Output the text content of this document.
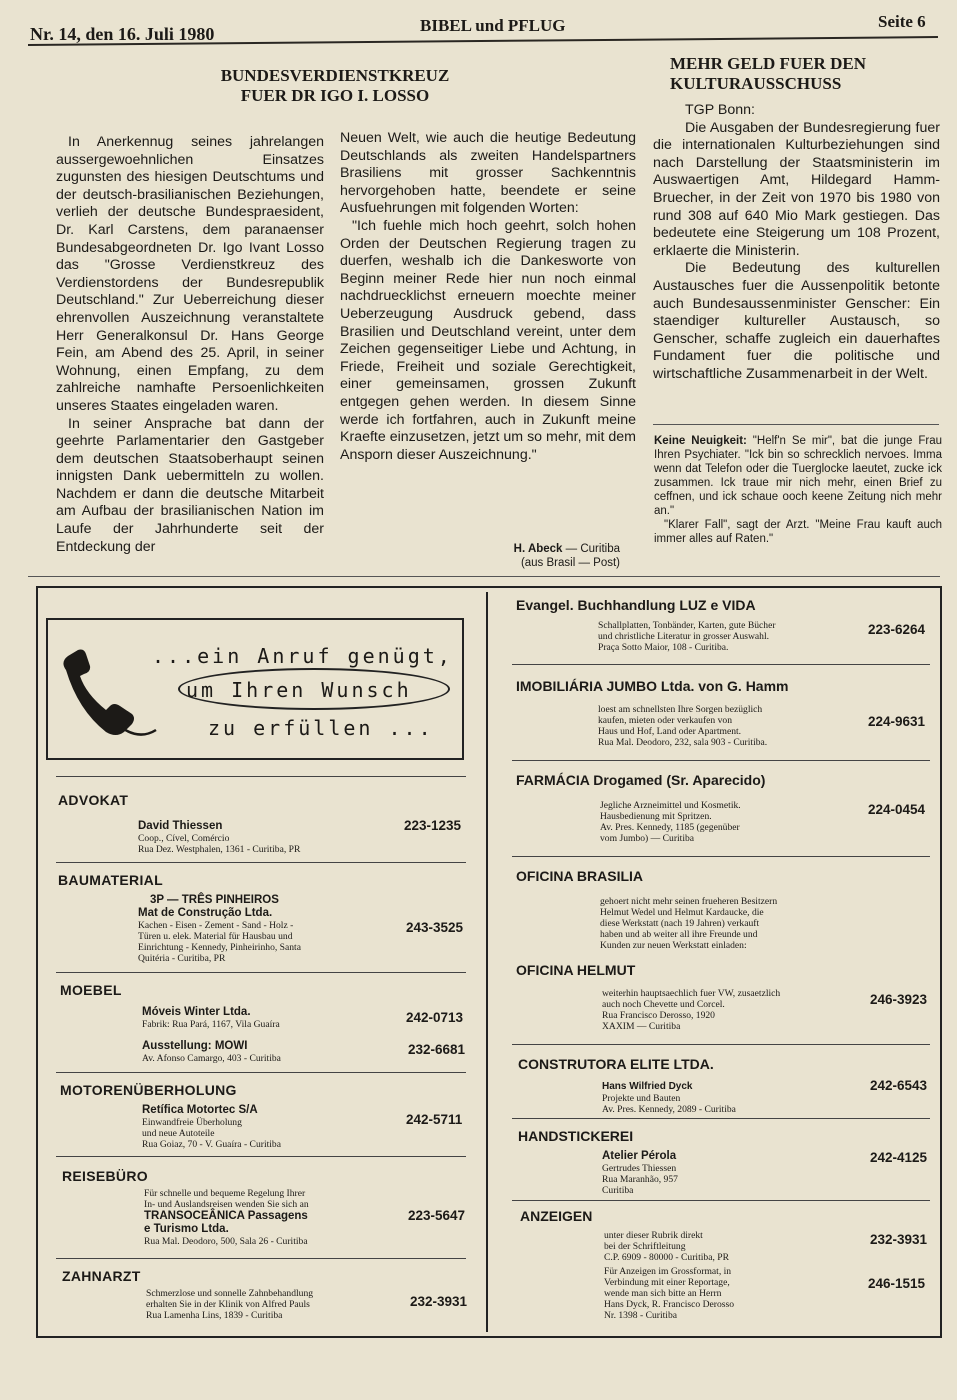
Nr. 14, den 16. Juli 1980	BIBEL und PFLUG	Seite 6
BUNDESVERDIENSTKREUZ
FUER DR IGO I. LOSSO

In Anerkennug seines jahrelangen aussergewoehnlichen Einsatzes zugunsten des hiesigen Deutschtums und der deutsch-brasilianischen Beziehungen, verlieh der deutsche Bundespraesident, Dr. Karl Carstens, dem paranaenser Bundesabgeordneten Dr. Igo Ivant Losso das "Grosse Verdienstkreuz des Verdienstordens der Bundesrepublik Deutschland." Zur Ueberreichung dieser ehrenvollen Auszeichnung veranstaltete Herr Generalkonsul Dr. Hans George Fein, am Abend des 25. April, in seiner Wohnung, einen Empfang, zu dem zahlreiche namhafte Persoenlichkeiten unseres Staates eingeladen waren.

In seiner Ansprache bat dann der geehrte Parlamentarier den Gastgeber dem deutschen Staatsoberhaupt seinen innigsten Dank uebermitteln zu wollen. Nachdem er dann die deutsche Mitarbeit am Aufbau der brasilianischen Nation im Laufe der Jahrhunderte seit der Entdeckung der

Neuen Welt, wie auch die heutige Bedeutung Deutschlands als zweiten Handelspartners Brasiliens mit grosser Sachkenntnis hervorgehoben hatte, beendete er seine Ausfuehrungen mit folgenden Worten:

"Ich fuehle mich hoch geehrt, solch hohen Orden der Deutschen Regierung tragen zu duerfen, weshalb ich die Dankesworte von Beginn meiner Rede hier nun noch einmal nachdruecklichst erneuern moechte meiner Ueberzeugung Ausdruck gebend, dass Brasilien und Deutschland vereint, unter dem Zeichen gegenseitiger Liebe und Achtung, in Friede, Freiheit und soziale Gerechtigkeit, einer gemeinsamen, grossen Zukunft entgegen gehen werden. In diesem Sinne werde ich fortfahren, auch in Zukunft meine Kraefte einzusetzen, jetzt um so mehr, mit dem Ansporn dieser Auszeichnung."

H. Abeck — Curitiba
(aus Brasil — Post)
MEHR GELD FUER DEN
KULTURAUSSCHUSS

TGP Bonn:

Die Ausgaben der Bundesregierung fuer die internationalen Kulturbeziehungen sind nach Darstellung der Staatsministerin im Auswaertigen Amt, Hildegard Hamm-Bruecher, in der Zeit von 1970 bis 1980 von rund 308 auf 640 Mio Mark gestiegen. Das bedeutete eine Steigerung um 108 Prozent, erklaerte die Ministerin.

Die Bedeutung des kulturellen Austausches fuer die Aussenpolitik betonte auch Bundesaussenminister Genscher: Ein staendiger kultureller Austausch, so Genscher, schaffe zugleich ein dauerhaftes Fundament fuer die politische und wirtschaftliche Zusammenarbeit in der Welt.

Keine Neuigkeit: "Helf'n Se mir", bat die junge Frau Ihren Psychiater. "Ick bin so schrecklich nervoes. Imma wenn dat Telefon oder die Tuerglocke laeutet, zucke ick zusammen. Ick traue mir nich mehr, einen Brief zu ceffnen, und ick schaue ooch keene Zeitung nich mehr an."

"Klarer Fall", sagt der Arzt. "Meine Frau kauft auch immer alles auf Raten."

...ein Anruf genügt,
um Ihren Wunsch
zu erfüllen ...
ADVOKAT
David Thiessen
Coop., Cível, Comércio
Rua Dez. Westphalen, 1361 - Curitiba, PR
223-1235
BAUMATERIAL
3P — TRÊS PINHEIROS
Mat de Construção Ltda.
Kachen - Eisen - Zement - Sand - Holz -
Türen u. elek. Material für Hausbau und
Einrichtung - Kennedy, Pinheirinho, Santa
Quitéria - Curitiba, PR
243-3525
MOEBEL
Móveis Winter Ltda.
Fabrik: Rua Pará, 1167, Vila Guaíra	242-0713
Ausstellung: MOWI
Av. Afonso Camargo, 403 - Curitiba
232-6681
MOTORENÜBERHOLUNG
Retífica Motortec S/A
Einwandfreie Überholung
und neue Autoteile
Rua Goiaz, 70 - V. Guaíra - Curitiba
242-5711
REISEBÜRO
Für schnelle und bequeme Regelung Ihrer
In- und Auslandsreisen wenden Sie sich an
TRANSOCEÂNICA Passagens
e Turismo Ltda.
Rua Mal. Deodoro, 500, Sala 26 - Curitiba
223-5647
ZAHNARZT
Schmerzlose und sonnelle Zahnbehandlung
erhalten Sie in der Klinik von Alfred Pauls
Rua Lamenha Lins, 1839 - Curitiba
232-3931
Evangel. Buchhandlung LUZ e VIDA
Schallplatten, Tonbänder, Karten, gute Bücher
und christliche Literatur in grosser Auswahl.
Praça Sotto Maior, 108 - Curitiba.
223-6264
IMOBILIÁRIA JUMBO Ltda. von G. Hamm
loest am schnellsten Ihre Sorgen bezüglich
kaufen, mieten oder verkaufen von
Haus und Hof, Land oder Apartment.
Rua Mal. Deodoro, 232, sala 903 - Curitiba.
224-9631
FARMÁCIA Drogamed (Sr. Aparecido)
Jegliche Arzneimittel und Kosmetik.
Hausbedienung mit Spritzen.
Av. Pres. Kennedy, 1185 (gegenüber
vom Jumbo) — Curitiba
224-0454
OFICINA BRASILIA
gehoert nicht mehr seinen frueheren Besitzern
Helmut Wedel und Helmut Kardaucke, die
diese Werkstatt (nach 19 Jahren) verkauft
haben und ab weiter all ihre Freunde und
Kunden zur neuen Werkstatt einladen:
OFICINA HELMUT
weiterhin hauptsaechlich fuer VW, zusaetzlich
auch noch Chevette und Corcel.
Rua Francisco Derosso, 1920
XAXIM — Curitiba
246-3923
CONSTRUTORA ELITE LTDA.
Hans Wilfried Dyck
Projekte und Bauten
Av. Pres. Kennedy, 2089 - Curitiba
242-6543
HANDSTICKEREI
Atelier Pérola
Gertrudes Thiessen
Rua Maranhão, 957
Curitiba
242-4125
ANZEIGEN
unter dieser Rubrik direkt
bei der Schriftleitung
C.P. 6909 - 80000 - Curitiba, PR
232-3931
Für Anzeigen im Grossformat, in
Verbindung mit einer Reportage,
wende man sich bitte an Herrn
Hans Dyck, R. Francisco Derosso
Nr. 1398 - Curitiba
246-1515
